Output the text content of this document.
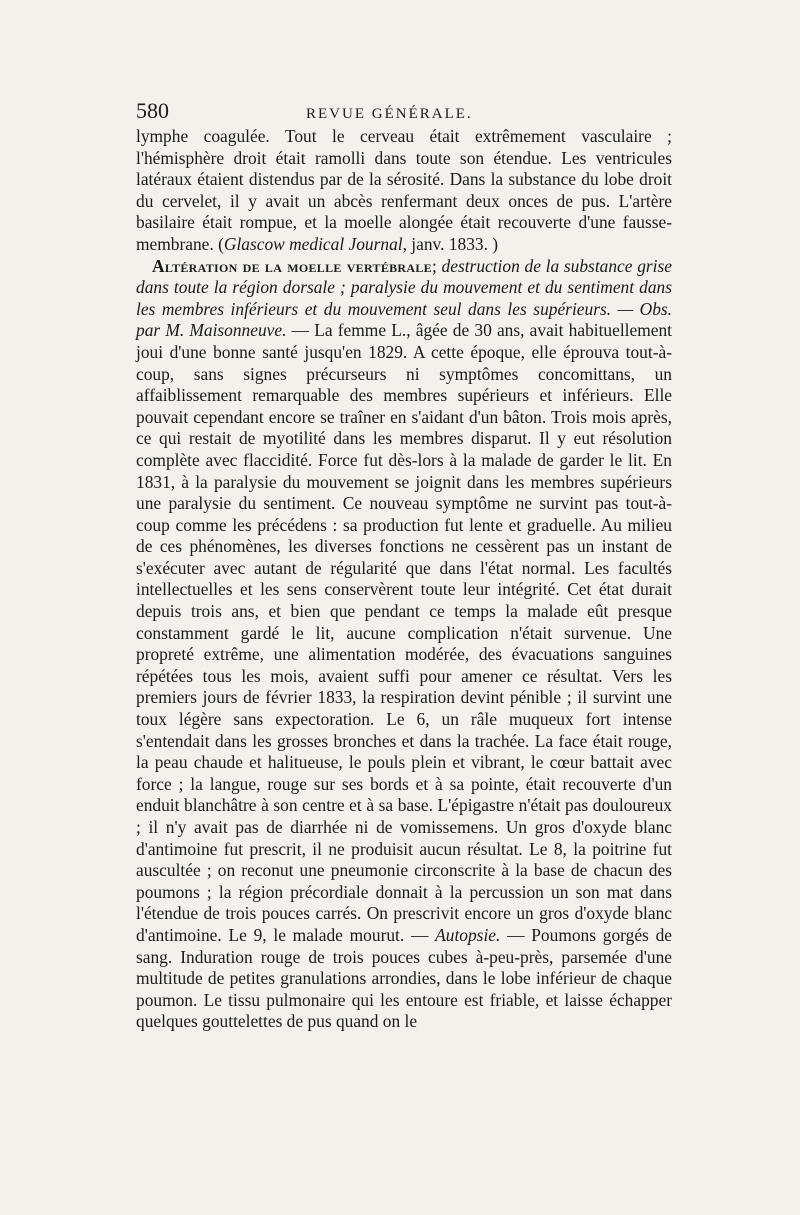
580	REVUE GÉNÉRALE.

lymphe coagulée. Tout le cerveau était extrêmement vasculaire ; l'hémisphère droit était ramolli dans toute son étendue. Les ventricules latéraux étaient distendus par de la sérosité. Dans la substance du lobe droit du cervelet, il y avait un abcès renfermant deux onces de pus. L'artère basilaire était rompue, et la moelle alongée était recouverte d'une fausse-membrane. (Glascow medical Journal, janv. 1833. )

Altération de la moelle vertébrale; destruction de la substance grise dans toute la région dorsale ; paralysie du mouvement et du sentiment dans les membres inférieurs et du mouvement seul dans les supérieurs. — Obs. par M. Maisonneuve. — La femme L., âgée de 30 ans, avait habituellement joui d'une bonne santé jusqu'en 1829. A cette époque, elle éprouva tout-à-coup, sans signes précurseurs ni symptômes concomittans, un affaiblissement remarquable des membres supérieurs et inférieurs. Elle pouvait cependant encore se traîner en s'aidant d'un bâton. Trois mois après, ce qui restait de myotilité dans les membres disparut. Il y eut résolution complète avec flaccidité. Force fut dès-lors à la malade de garder le lit. En 1831, à la paralysie du mouvement se joignit dans les membres supérieurs une paralysie du sentiment. Ce nouveau symptôme ne survint pas tout-à-coup comme les précédens : sa production fut lente et graduelle. Au milieu de ces phénomènes, les diverses fonctions ne cessèrent pas un instant de s'exécuter avec autant de régularité que dans l'état normal. Les facultés intellectuelles et les sens conservèrent toute leur intégrité. Cet état durait depuis trois ans, et bien que pendant ce temps la malade eût presque constamment gardé le lit, aucune complication n'était survenue. Une propreté extrême, une alimentation modérée, des évacuations sanguines répétées tous les mois, avaient suffi pour amener ce résultat. Vers les premiers jours de février 1833, la respiration devint pénible ; il survint une toux légère sans expectoration. Le 6, un râle muqueux fort intense s'entendait dans les grosses bronches et dans la trachée. La face était rouge, la peau chaude et halitueuse, le pouls plein et vibrant, le cœur battait avec force ; la langue, rouge sur ses bords et à sa pointe, était recouverte d'un enduit blanchâtre à son centre et à sa base. L'épigastre n'était pas douloureux ; il n'y avait pas de diarrhée ni de vomissemens. Un gros d'oxyde blanc d'antimoine fut prescrit, il ne produisit aucun résultat. Le 8, la poitrine fut auscultée ; on reconut une pneumonie circonscrite à la base de chacun des poumons ; la région précordiale donnait à la percussion un son mat dans l'étendue de trois pouces carrés. On prescrivit encore un gros d'oxyde blanc d'antimoine. Le 9, le malade mourut. — Autopsie. — Poumons gorgés de sang. Induration rouge de trois pouces cubes à-peu-près, parsemée d'une multitude de petites granulations arrondies, dans le lobe inférieur de chaque poumon. Le tissu pulmonaire qui les entoure est friable, et laisse échapper quelques gouttelettes de pus quand on le
